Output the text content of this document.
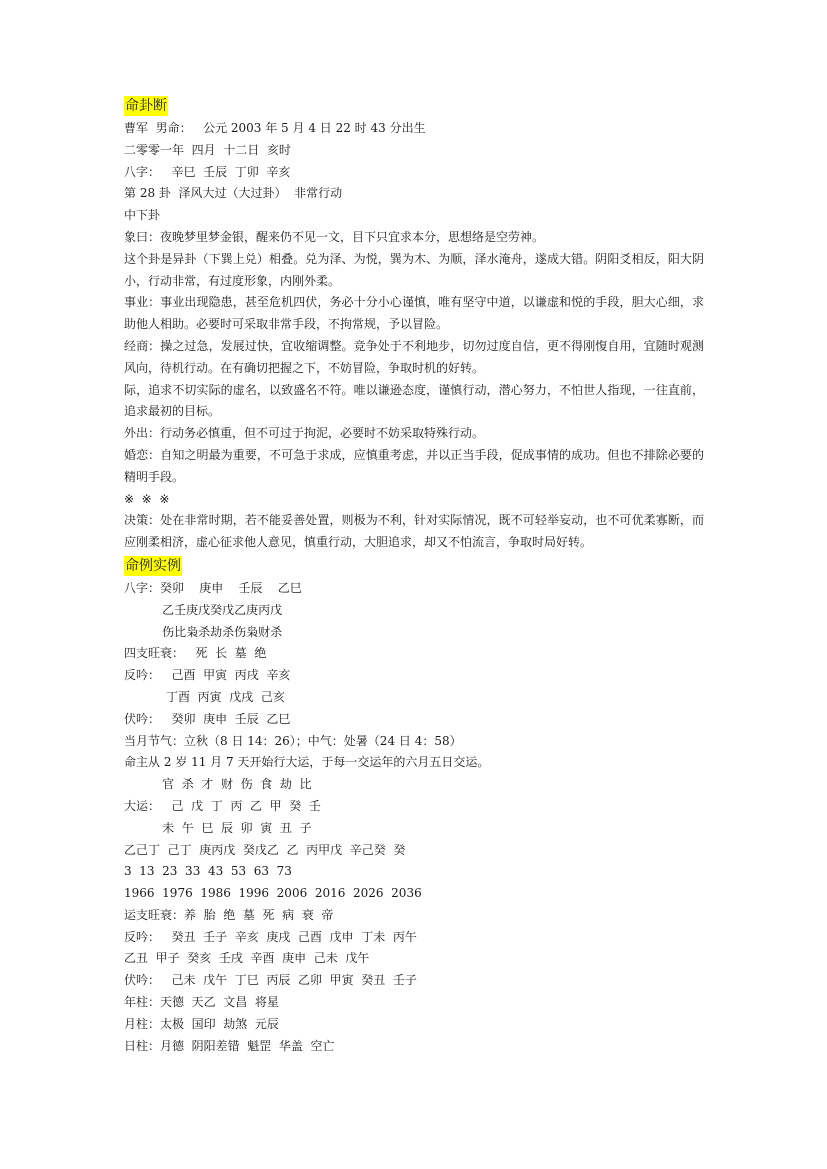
命卦断

曹军  男命：   公元 2003 年 5 月 4 日 22 时 43 分出生

二零零一年  四月  十二日  亥时

八字：   辛巳  壬辰  丁卯  辛亥

第 28 卦  泽风大过（大过卦）  非常行动

中下卦

象曰：夜晚梦里梦金银，醒来仍不见一文，目下只宜求本分，思想络是空劳神。

这个卦是异卦（下巽上兑）相叠。兑为泽、为悦，巽为木、为顺，泽水淹舟，遂成大错。阴阳爻相反，阳大阴小，行动非常，有过度形象，内刚外柔。

事业：事业出现隐患，甚至危机四伏，务必十分小心谨慎，唯有坚守中道，以谦虚和悦的手段，胆大心细，求助他人相助。必要时可采取非常手段，不拘常规，予以冒险。

经商：操之过急，发展过快，宜收缩调整。竞争处于不利地步，切勿过度自信，更不得刚愎自用，宜随时观测风向，待机行动。在有确切把握之下，不妨冒险，争取时机的好转。

际，追求不切实际的虚名，以致盛名不符。唯以谦逊态度，谨慎行动，潜心努力，不怕世人指现，一往直前，追求最初的目标。

外出：行动务必慎重，但不可过于拘泥，必要时不妨采取特殊行动。

婚恋：自知之明最为重要，不可急于求成，应慎重考虑，并以正当手段，促成事情的成功。但也不排除必要的精明手段。

※  ※  ※

决策：处在非常时期，若不能妥善处置，则极为不利，针对实际情况，既不可轻举妄动，也不可优柔寡断，而应刚柔相济，虚心征求他人意见，慎重行动，大胆追求，却又不怕流言，争取时局好转。

命例实例

八字：癸卯    庚申    壬辰    乙巳

乙壬庚戊癸戊乙庚丙戊

伤比枭杀劫杀伤枭财杀

四支旺衰：   死  长  墓  绝

反吟：   己酉  甲寅  丙戌  辛亥

丁酉  丙寅  戊戌  己亥

伏吟：   癸卯  庚申  壬辰  乙巳

当月节气：立秋（8 日 14：26）；中气：处暑（24 日 4：58）

命主从 2 岁 11 月 7 天开始行大运，于每一交运年的六月五日交运。

官  杀  才  财  伤  食  劫  比

大运：   己  戊  丁  丙  乙  甲  癸  壬

未  午  巳  辰  卯  寅  丑  子

乙己丁  己丁  庚丙戊  癸戊乙  乙  丙甲戊  辛己癸  癸

3  13  23  33  43  53  63  73

1966  1976  1986  1996  2006  2016  2026  2036

运支旺衰：养  胎  绝  墓  死  病  衰  帝

反吟：   癸丑  壬子  辛亥  庚戌  己酉  戊申  丁未  丙午

乙丑  甲子  癸亥  壬戌  辛酉  庚申  己未  戊午

伏吟：   己未  戊午  丁巳  丙辰  乙卯  甲寅  癸丑  壬子

年柱：天德  天乙  文昌  将星

月柱：太极  国印  劫煞  元辰

日柱：月德  阴阳差错  魁罡  华盖  空亡
